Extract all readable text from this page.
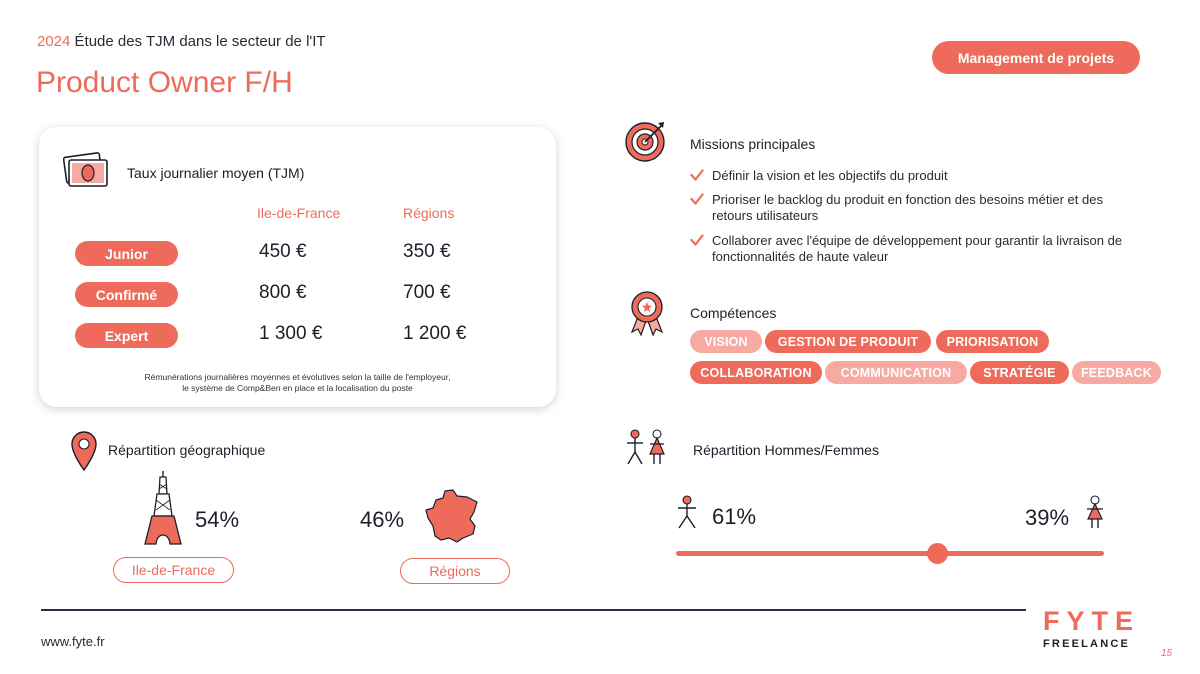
2024 Étude des TJM dans le secteur de l'IT
Product Owner F/H
Management de projets
Taux journalier moyen (TJM)
Ile-de-France	Régions
Junior	450 €	350 €
Confirmé	800 €	700 €
Expert	1 300 €	1 200 €
Rémunérations journalières moyennes et évolutives selon la taille de l'employeur,
le système de Comp&Ben en place et la localisation du poste
Missions principales
Définir la vision et les objectifs du produit
Prioriser le backlog du produit en fonction des besoins métier et des retours utilisateurs
Collaborer avec l'équipe de développement pour garantir la livraison de fonctionnalités de haute valeur
Compétences
VISION	GESTION DE PRODUIT	PRIORISATION
COLLABORATION	COMMUNICATION	STRATÉGIE	FEEDBACK
Répartition géographique
54%
Ile-de-France
46%
Régions
Répartition Hommes/Femmes
61%	39%
www.fyte.fr
FYTE
FREELANCE
15
